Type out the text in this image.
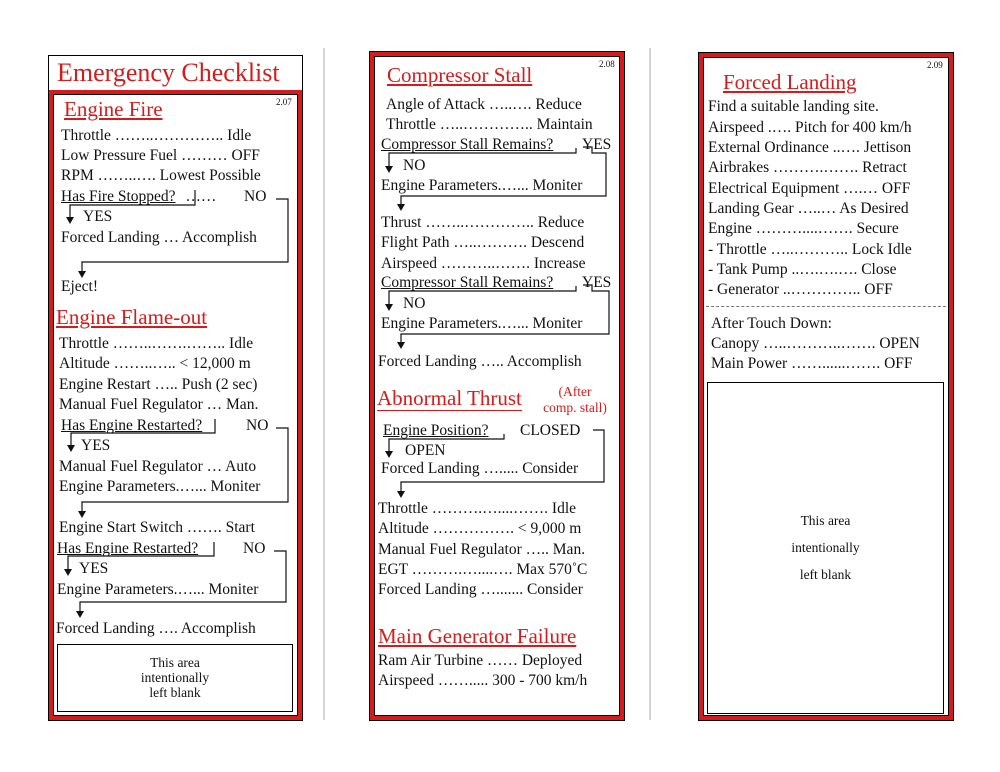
Emergency Checklist
2.07
Engine Fire
Throttle ……..………….. Idle
Low Pressure Fuel ……… OFF
RPM ……..…. Lowest Possible
Has Fire Stopped? …… NO
YES
Forced Landing … Accomplish
Eject!
Engine Flame-out
Throttle ……..…….…….. Idle
Altitude ……..….. < 12,000 m
Engine Restart ….. Push (2 sec)
Manual Fuel Regulator … Man.
Has Engine Restarted?	NO
YES
Manual Fuel Regulator … Auto
Engine Parameters.…... Moniter
Engine Start Switch ……. Start
Has Engine Restarted?	NO
YES
Engine Parameters.…... Moniter
Forced Landing …. Accomplish
This area
intentionally
left blank
2.08
Compressor Stall
Angle of Attack …..…. Reduce
Throttle …..………….. Maintain
Compressor Stall Remains? YES
NO
Engine Parameters.…... Moniter
Thrust ……..………….. Reduce
Flight Path …..………. Descend
Airspeed ………..……. Increase
Compressor Stall Remains? YES
NO
Engine Parameters.…... Moniter
Forced Landing ….. Accomplish
Abnormal Thrust	(After
comp. stall)
Engine Position? CLOSED
OPEN
Forced Landing …..... Consider
Throttle ……….…....……. Idle
Altitude ……………. < 9,000 m
Manual Fuel Regulator ….. Man.
EGT ……….…....…. Max 570˚C
Forced Landing …....... Consider
Main Generator Failure
Ram Air Turbine …… Deployed
Airspeed ……..... 300 - 700 km/h
2.09
Forced Landing
Find a suitable landing site.
Airspeed .…. Pitch for 400 km/h
External Ordinance ..…. Jettison
Airbrakes ……….……. Retract
Electrical Equipment ….… OFF
Landing Gear …..… As Desired
Engine ………....……. Secure
- Throttle …..……….. Lock Idle
- Tank Pump ..….….…. Close
- Generator ..………….. OFF
After Touch Down:
Canopy …..………..……. OPEN
Main Power ……......……. OFF
This area
intentionally
left blank
